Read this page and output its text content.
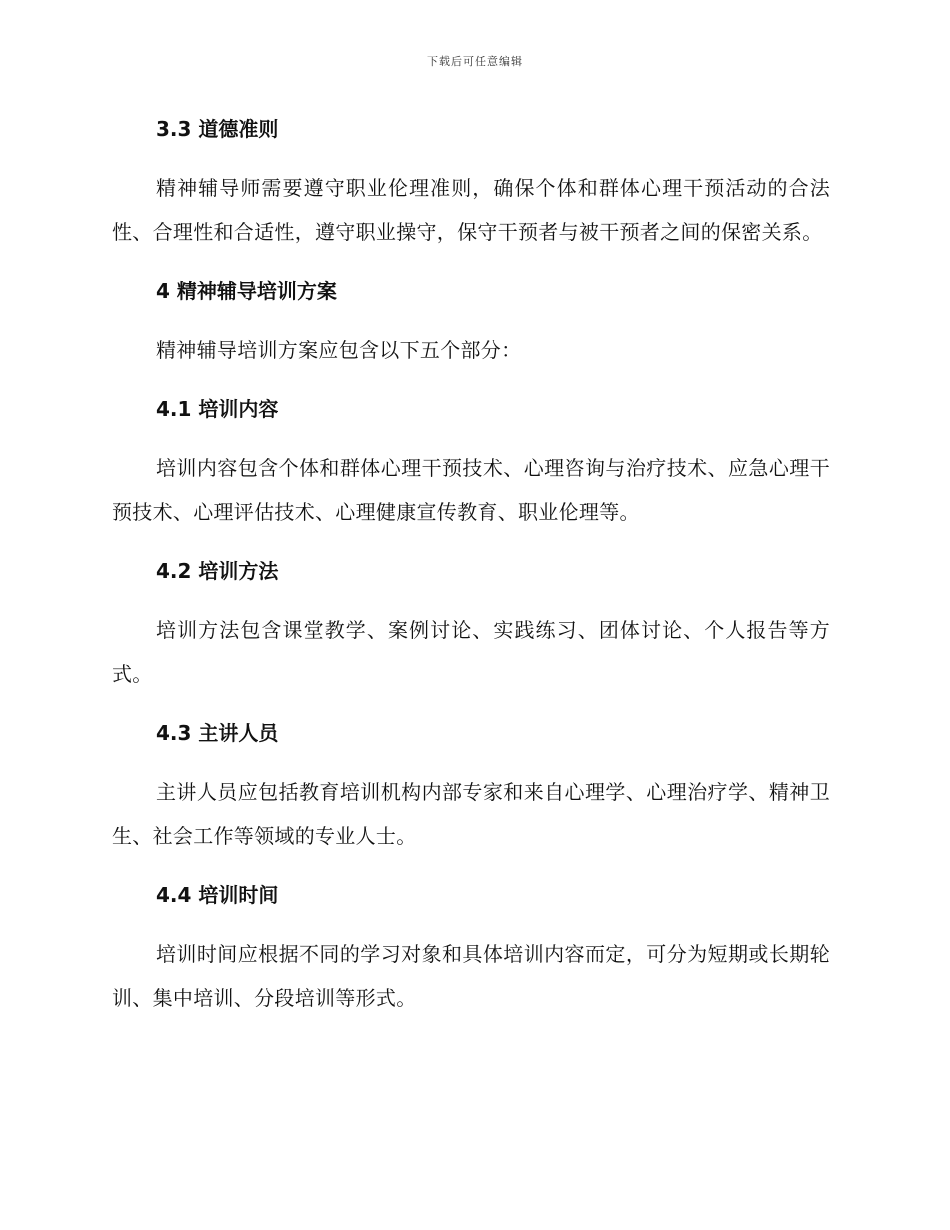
下载后可任意编辑
3.3 道德准则

精神辅导师需要遵守职业伦理准则，确保个体和群体心理干预活动的合法性、合理性和合适性，遵守职业操守，保守干预者与被干预者之间的保密关系。

4 精神辅导培训方案

精神辅导培训方案应包含以下五个部分：

4.1 培训内容

培训内容包含个体和群体心理干预技术、心理咨询与治疗技术、应急心理干预技术、心理评估技术、心理健康宣传教育、职业伦理等。

4.2 培训方法

培训方法包含课堂教学、案例讨论、实践练习、团体讨论、个人报告等方式。

4.3 主讲人员

主讲人员应包括教育培训机构内部专家和来自心理学、心理治疗学、精神卫生、社会工作等领域的专业人士。

4.4 培训时间

培训时间应根据不同的学习对象和具体培训内容而定，可分为短期或长期轮训、集中培训、分段培训等形式。
